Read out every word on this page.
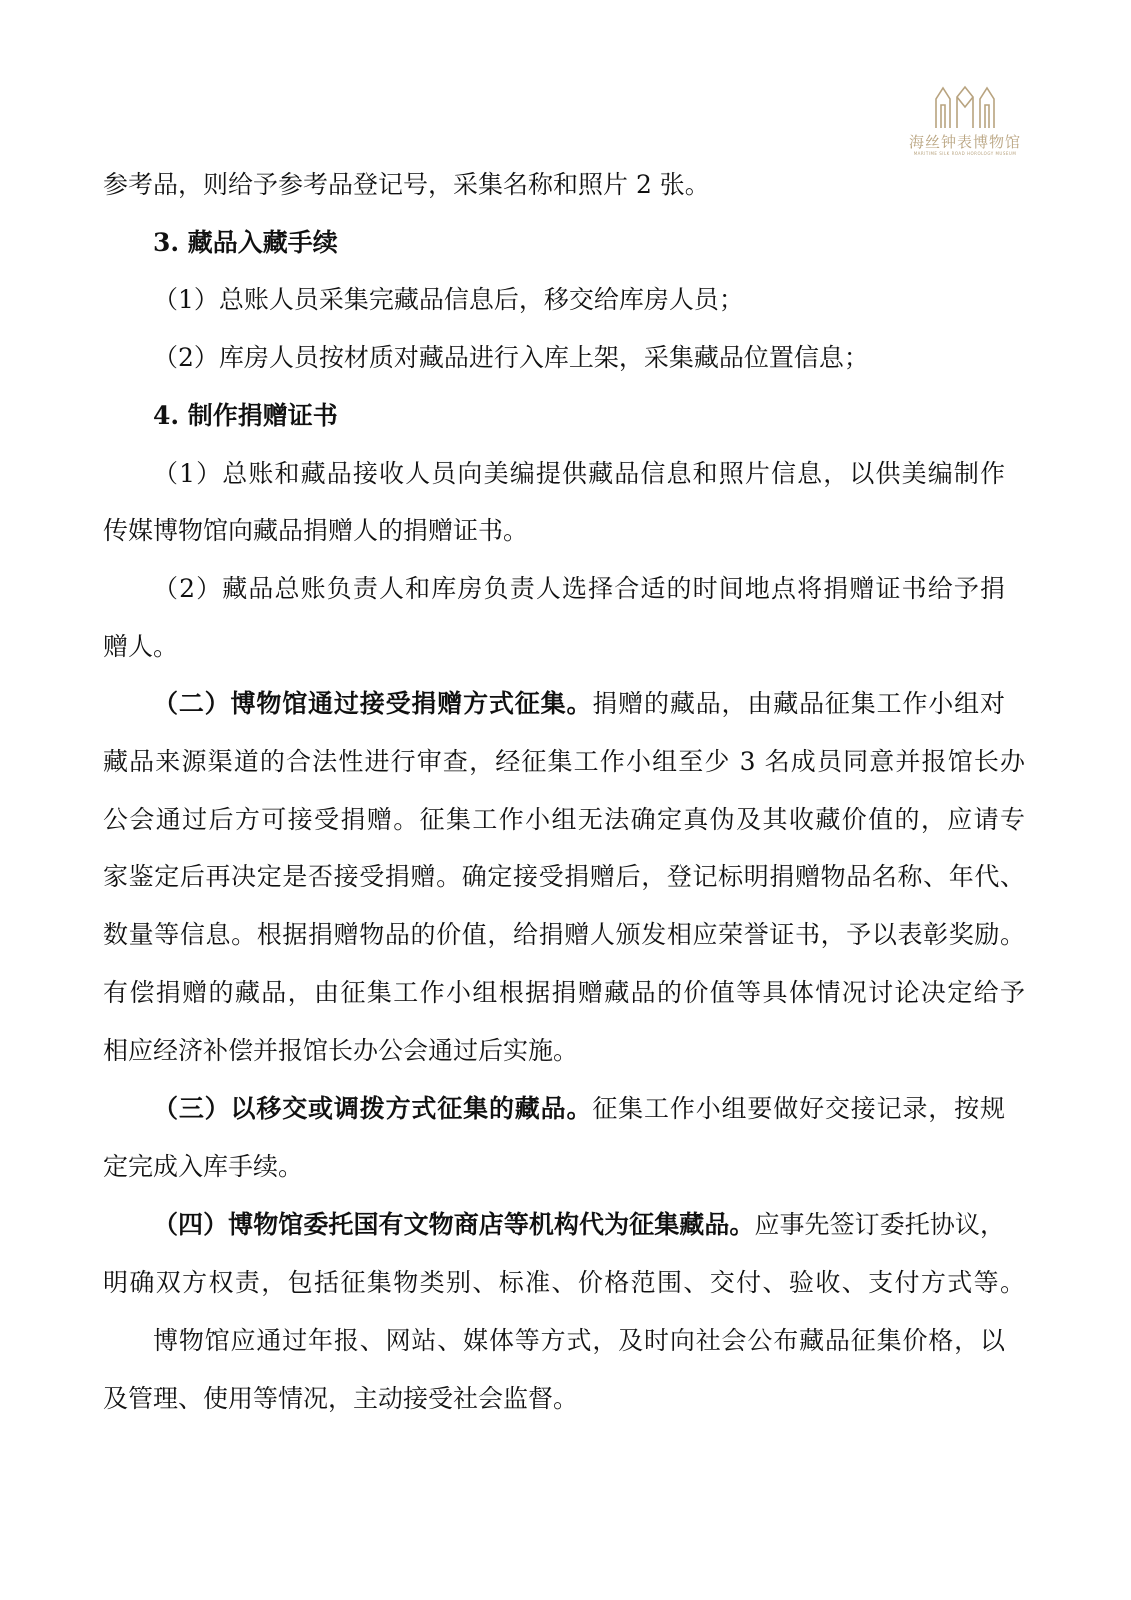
海丝钟表博物馆
MARITIME SILK ROAD HOROLOGY MUSEUM
参考品，则给予参考品登记号，采集名称和照片 2 张。
3. 藏品入藏手续
（1）总账人员采集完藏品信息后，移交给库房人员；
（2）库房人员按材质对藏品进行入库上架，采集藏品位置信息；
4. 制作捐赠证书
（1）总账和藏品接收人员向美编提供藏品信息和照片信息，以供美编制作
传媒博物馆向藏品捐赠人的捐赠证书。
（2）藏品总账负责人和库房负责人选择合适的时间地点将捐赠证书给予捐
赠人。
（二）博物馆通过接受捐赠方式征集。捐赠的藏品，由藏品征集工作小组对
藏品来源渠道的合法性进行审查，经征集工作小组至少 3 名成员同意并报馆长办
公会通过后方可接受捐赠。征集工作小组无法确定真伪及其收藏价值的，应请专
家鉴定后再决定是否接受捐赠。确定接受捐赠后，登记标明捐赠物品名称、年代、
数量等信息。根据捐赠物品的价值，给捐赠人颁发相应荣誉证书，予以表彰奖励。
有偿捐赠的藏品，由征集工作小组根据捐赠藏品的价值等具体情况讨论决定给予
相应经济补偿并报馆长办公会通过后实施。
（三）以移交或调拨方式征集的藏品。征集工作小组要做好交接记录，按规
定完成入库手续。
（四）博物馆委托国有文物商店等机构代为征集藏品。应事先签订委托协议，
明确双方权责，包括征集物类别、标准、价格范围、交付、验收、支付方式等。
博物馆应通过年报、网站、媒体等方式，及时向社会公布藏品征集价格，以
及管理、使用等情况，主动接受社会监督。
